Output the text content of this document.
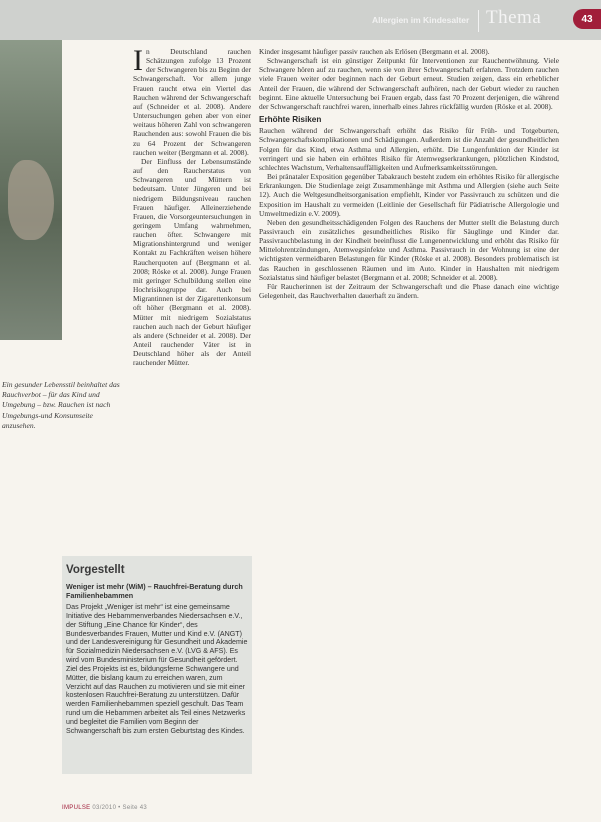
Allergien im Kindesalter Thema	43
Ein gesunder Lebensstil beinhaltet das Rauchverbot – für das Kind und Umgebung – bzw. Rauchen ist nach Umgebungs-und Konsumseite anzusehen.
I n Deutschland rauchen Schätzungen zufolge 13 Prozent der Schwangeren bis zu Beginn der Schwangerschaft. Vor allem junge Frauen raucht etwa ein Viertel das Rauchen während der Schwangerschaft auf (Schneider et al. 2008). Andere Untersuchungen gehen aber von einer weitaus höheren Zahl von schwangeren Rauchenden aus: sowohl Frauen die bis zu 64 Prozent der Schwangeren rauchen weiter (Bergmann et al. 2008).

Der Einfluss der Lebensumstände auf den Raucherstatus von Schwangeren und Müttern ist bedeutsam. Unter Jüngeren und bei niedrigem Bildungsniveau rauchen Frauen häufiger. Alleinerziehende Frauen, die Vorsorgeuntersuchungen in geringem Umfang wahrnehmen, rauchen öfter. Schwangere mit Migrationshintergrund und weniger Kontakt zu Fachkräften weisen höhere Raucherquoten auf (Bergmann et al. 2008; Röske et al. 2008). Junge Frauen mit geringer Schulbildung stellen eine Hochrisikogruppe dar. Auch bei Migrantinnen ist der Zigarettenkonsum oft höher (Bergmann et al. 2008). Mütter mit niedrigem Sozialstatus rauchen auch nach der Geburt häufiger als andere (Schneider et al. 2008). Der Anteil rauchender Väter ist in Deutschland höher als der Anteil rauchender Mütter.

Kinder insgesamt häufiger passiv rauchen als Erlösen (Bergmann et al. 2008).

Schwangerschaft ist ein günstiger Zeitpunkt für Interventionen zur Rauchentwöhnung. Viele Schwangere hören auf zu rauchen, wenn sie von ihrer Schwangerschaft erfahren. Trotzdem rauchen viele Frauen weiter oder beginnen nach der Geburt erneut. Studien zeigen, dass ein erheblicher Anteil der Frauen, die während der Schwangerschaft aufhören, nach der Geburt wieder zu rauchen beginnt. Eine aktuelle Untersuchung bei Frauen ergab, dass fast 70 Prozent derjenigen, die während der Schwangerschaft rauchfrei waren, innerhalb eines Jahres rückfällig wurden (Röske et al. 2008).

Erhöhte Risiken

Rauchen während der Schwangerschaft erhöht das Risiko für Früh- und Totgeburten, Schwangerschaftskomplikationen und Schädigungen. Außerdem ist die Anzahl der gesundheitlichen Folgen für das Kind, etwa Asthma und Allergien, erhöht. Die Lungenfunktion der Kinder ist verringert und sie haben ein erhöhtes Risiko für Atemwegserkrankungen, plötzlichen Kindstod, schlechtes Wachstum, Verhaltensauffälligkeiten und Aufmerksamkeitsstörungen.

Bei pränataler Exposition gegenüber Tabakrauch besteht zudem ein erhöhtes Risiko für allergische Erkrankungen. Die Studienlage zeigt Zusammenhänge mit Asthma und Allergien (siehe auch Seite 12). Auch die Weltgesundheitsorganisation empfiehlt, Kinder vor Passivrauch zu schützen und die Exposition im Haushalt zu vermeiden (Leitlinie der Gesellschaft für Pädiatrische Allergologie und Umweltmedizin e.V. 2009).

Neben den gesundheitsschädigenden Folgen des Rauchens der Mutter stellt die Belastung durch Passivrauch ein zusätzliches gesundheitliches Risiko für Säuglinge und Kinder dar. Passivrauchbelastung in der Kindheit beeinflusst die Lungenentwicklung und erhöht das Risiko für Mittelohrentzündungen, Atemwegsinfekte und Asthma. Passivrauch in der Wohnung ist eine der wichtigsten vermeidbaren Belastungen für Kinder (Röske et al. 2008). Besonders problematisch ist das Rauchen in geschlossenen Räumen und im Auto. Kinder in Haushalten mit niedrigem Sozialstatus sind häufiger belastet (Bergmann et al. 2008; Schneider et al. 2008).

Für Raucherinnen ist der Zeitraum der Schwangerschaft und die Phase danach eine wichtige Gelegenheit, das Rauchverhalten dauerhaft zu ändern.

Vorgestellt
Weniger ist mehr (WiM) – Rauchfrei-Beratung durch Familienhebammen
Das Projekt „Weniger ist mehr“ ist eine gemeinsame Initiative des Hebammenverbandes Niedersachsen e.V., der Stiftung „Eine Chance für Kinder“, des Bundesverbandes Frauen, Mutter und Kind e.V. (ANGT) und der Landesvereinigung für Gesundheit und Akademie für Sozialmedizin Niedersachsen e.V. (LVG & AFS). Es wird vom Bundesministerium für Gesundheit gefördert. Ziel des Projekts ist es, bildungsferne Schwangere und Mütter, die bislang kaum zu erreichen waren, zum Verzicht auf das Rauchen zu motivieren und sie mit einer kostenlosen Rauchfrei-Beratung zu unterstützen. Dafür werden Familienhebammen speziell geschult. Das Team rund um die Hebammen arbeitet als Teil eines Netzwerks und begleitet die Familien vom Beginn der Schwangerschaft bis zum ersten Geburtstag des Kindes.
IMPULSE 03/2010 • Seite 43
